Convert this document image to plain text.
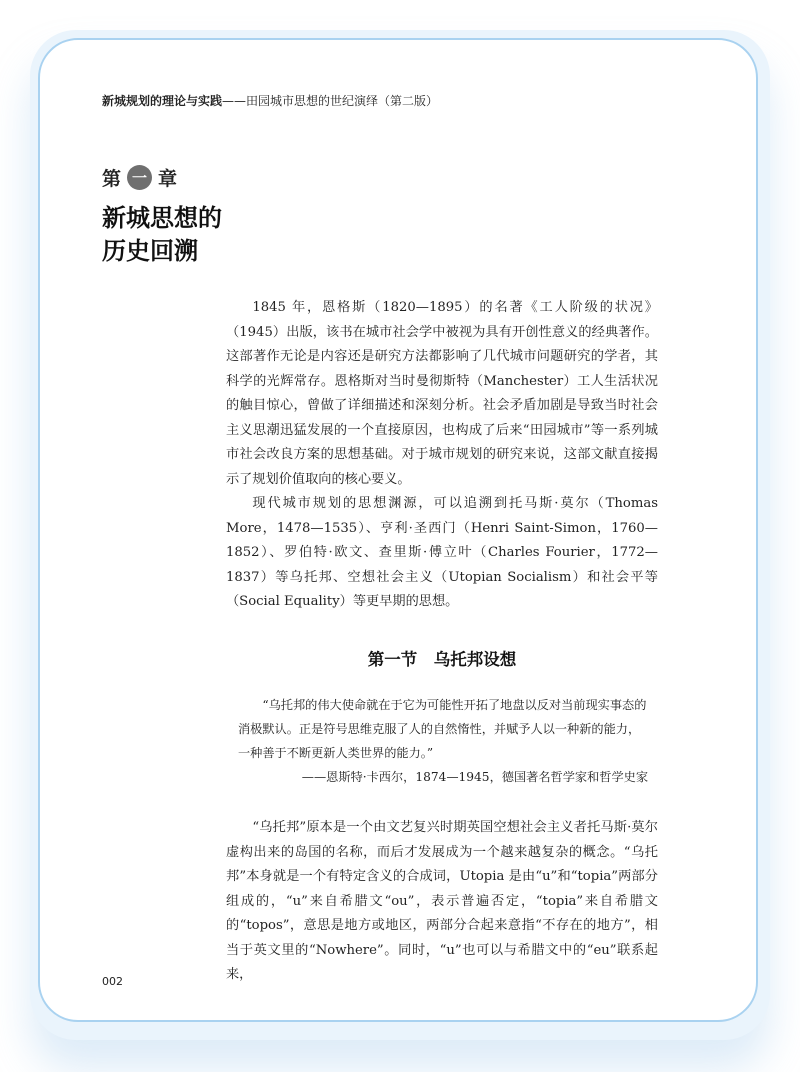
新城规划的理论与实践——田园城市思想的世纪演绎（第二版）
第 一 章
新城思想的
历史回溯

1845 年，恩格斯（1820—1895）的名著《工人阶级的状况》（1945）出版，该书在城市社会学中被视为具有开创性意义的经典著作。这部著作无论是内容还是研究方法都影响了几代城市问题研究的学者，其科学的光辉常存。恩格斯对当时曼彻斯特（Manchester）工人生活状况的触目惊心，曾做了详细描述和深刻分析。社会矛盾加剧是导致当时社会主义思潮迅猛发展的一个直接原因，也构成了后来“田园城市”等一系列城市社会改良方案的思想基础。对于城市规划的研究来说，这部文献直接揭示了规划价值取向的核心要义。

现代城市规划的思想渊源，可以追溯到托马斯·莫尔（Thomas More，1478—1535）、亨利·圣西门（Henri Saint-Simon，1760—1852）、罗伯特·欧文、查里斯·傅立叶（Charles Fourier，1772—1837）等乌托邦、空想社会主义（Utopian Socialism）和社会平等（Social Equality）等更早期的思想。

第一节　乌托邦设想

“乌托邦的伟大使命就在于它为可能性开拓了地盘以反对当前现实事态的消极默认。正是符号思维克服了人的自然惰性，并赋予人以一种新的能力，一种善于不断更新人类世界的能力。”

——恩斯特·卡西尔，1874—1945，德国著名哲学家和哲学史家

“乌托邦”原本是一个由文艺复兴时期英国空想社会主义者托马斯·莫尔虚构出来的岛国的名称，而后才发展成为一个越来越复杂的概念。“乌托邦”本身就是一个有特定含义的合成词，Utopia 是由“u”和“topia”两部分组成的，“u”来自希腊文“ou”，表示普遍否定，“topia”来自希腊文的“topos”，意思是地方或地区，两部分合起来意指“不存在的地方”，相当于英文里的“Nowhere”。同时，“u”也可以与希腊文中的“eu”联系起来，

002
